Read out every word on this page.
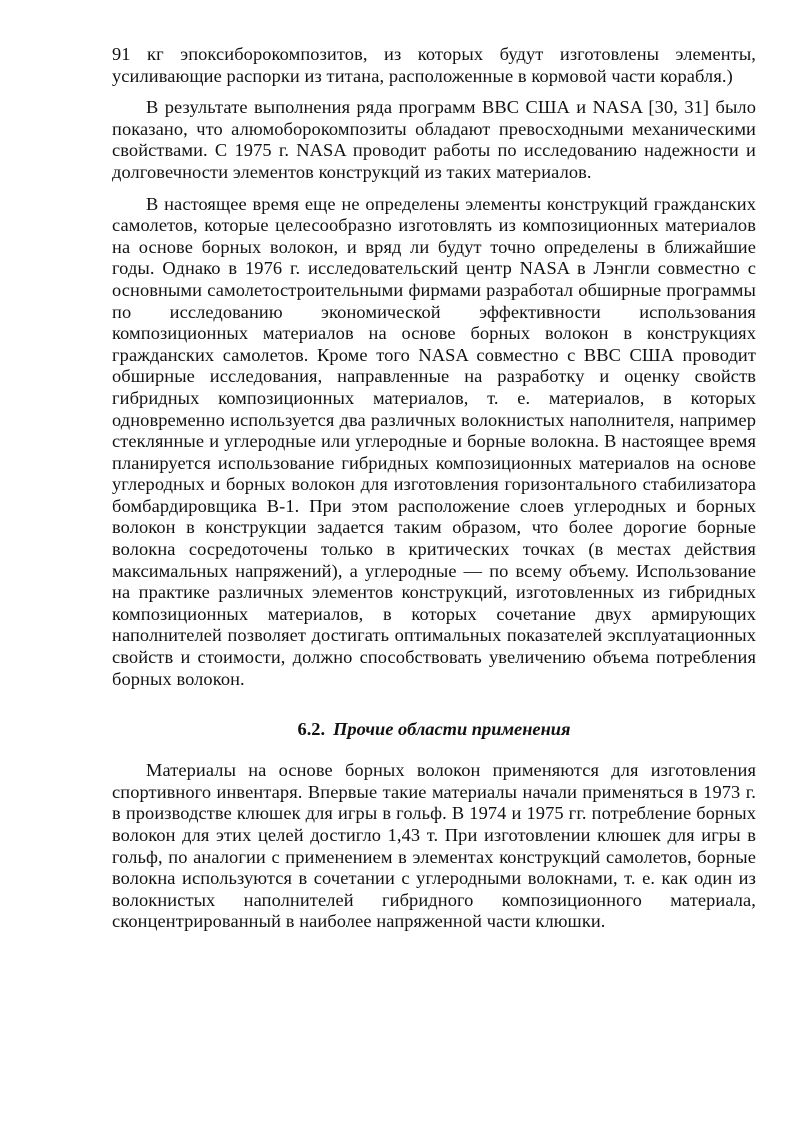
91 кг эпоксиборокомпозитов, из которых будут изготовлены элементы, усиливающие распорки из титана, расположенные в кормовой части корабля.)

В результате выполнения ряда программ ВВС США и NASA [30, 31] было показано, что алюмоборокомпозиты обладают превосходными механическими свойствами. С 1975 г. NASA проводит работы по исследованию надежности и долговечности элементов конструкций из таких материалов.

В настоящее время еще не определены элементы конструкций гражданских самолетов, которые целесообразно изготовлять из композиционных материалов на основе борных волокон, и вряд ли будут точно определены в ближайшие годы. Однако в 1976 г. исследовательский центр NASA в Лэнгли совместно с основными самолетостроительными фирмами разработал обширные программы по исследованию экономической эффективности использования композиционных материалов на основе борных волокон в конструкциях гражданских самолетов. Кроме того NASA совместно с ВВС США проводит обширные исследования, направленные на разработку и оценку свойств гибридных композиционных материалов, т. е. материалов, в которых одновременно используется два различных волокнистых наполнителя, например стеклянные и углеродные или углеродные и борные волокна. В настоящее время планируется использование гибридных композиционных материалов на основе углеродных и борных волокон для изготовления горизонтального стабилизатора бомбардировщика B-1. При этом расположение слоев углеродных и борных волокон в конструкции задается таким образом, что более дорогие борные волокна сосредоточены только в критических точках (в местах действия максимальных напряжений), а углеродные — по всему объему. Использование на практике различных элементов конструкций, изготовленных из гибридных композиционных материалов, в которых сочетание двух армирующих наполнителей позволяет достигать оптимальных показателей эксплуатационных свойств и стоимости, должно способствовать увеличению объема потребления борных волокон.

6.2. Прочие области применения

Материалы на основе борных волокон применяются для изготовления спортивного инвентаря. Впервые такие материалы начали применяться в 1973 г. в производстве клюшек для игры в гольф. В 1974 и 1975 гг. потребление борных волокон для этих целей достигло 1,43 т. При изготовлении клюшек для игры в гольф, по аналогии с применением в элементах конструкций самолетов, борные волокна используются в сочетании с углеродными волокнами, т. е. как один из волокнистых наполнителей гибридного композиционного материала, сконцентрированный в наиболее напряженной части клюшки.
